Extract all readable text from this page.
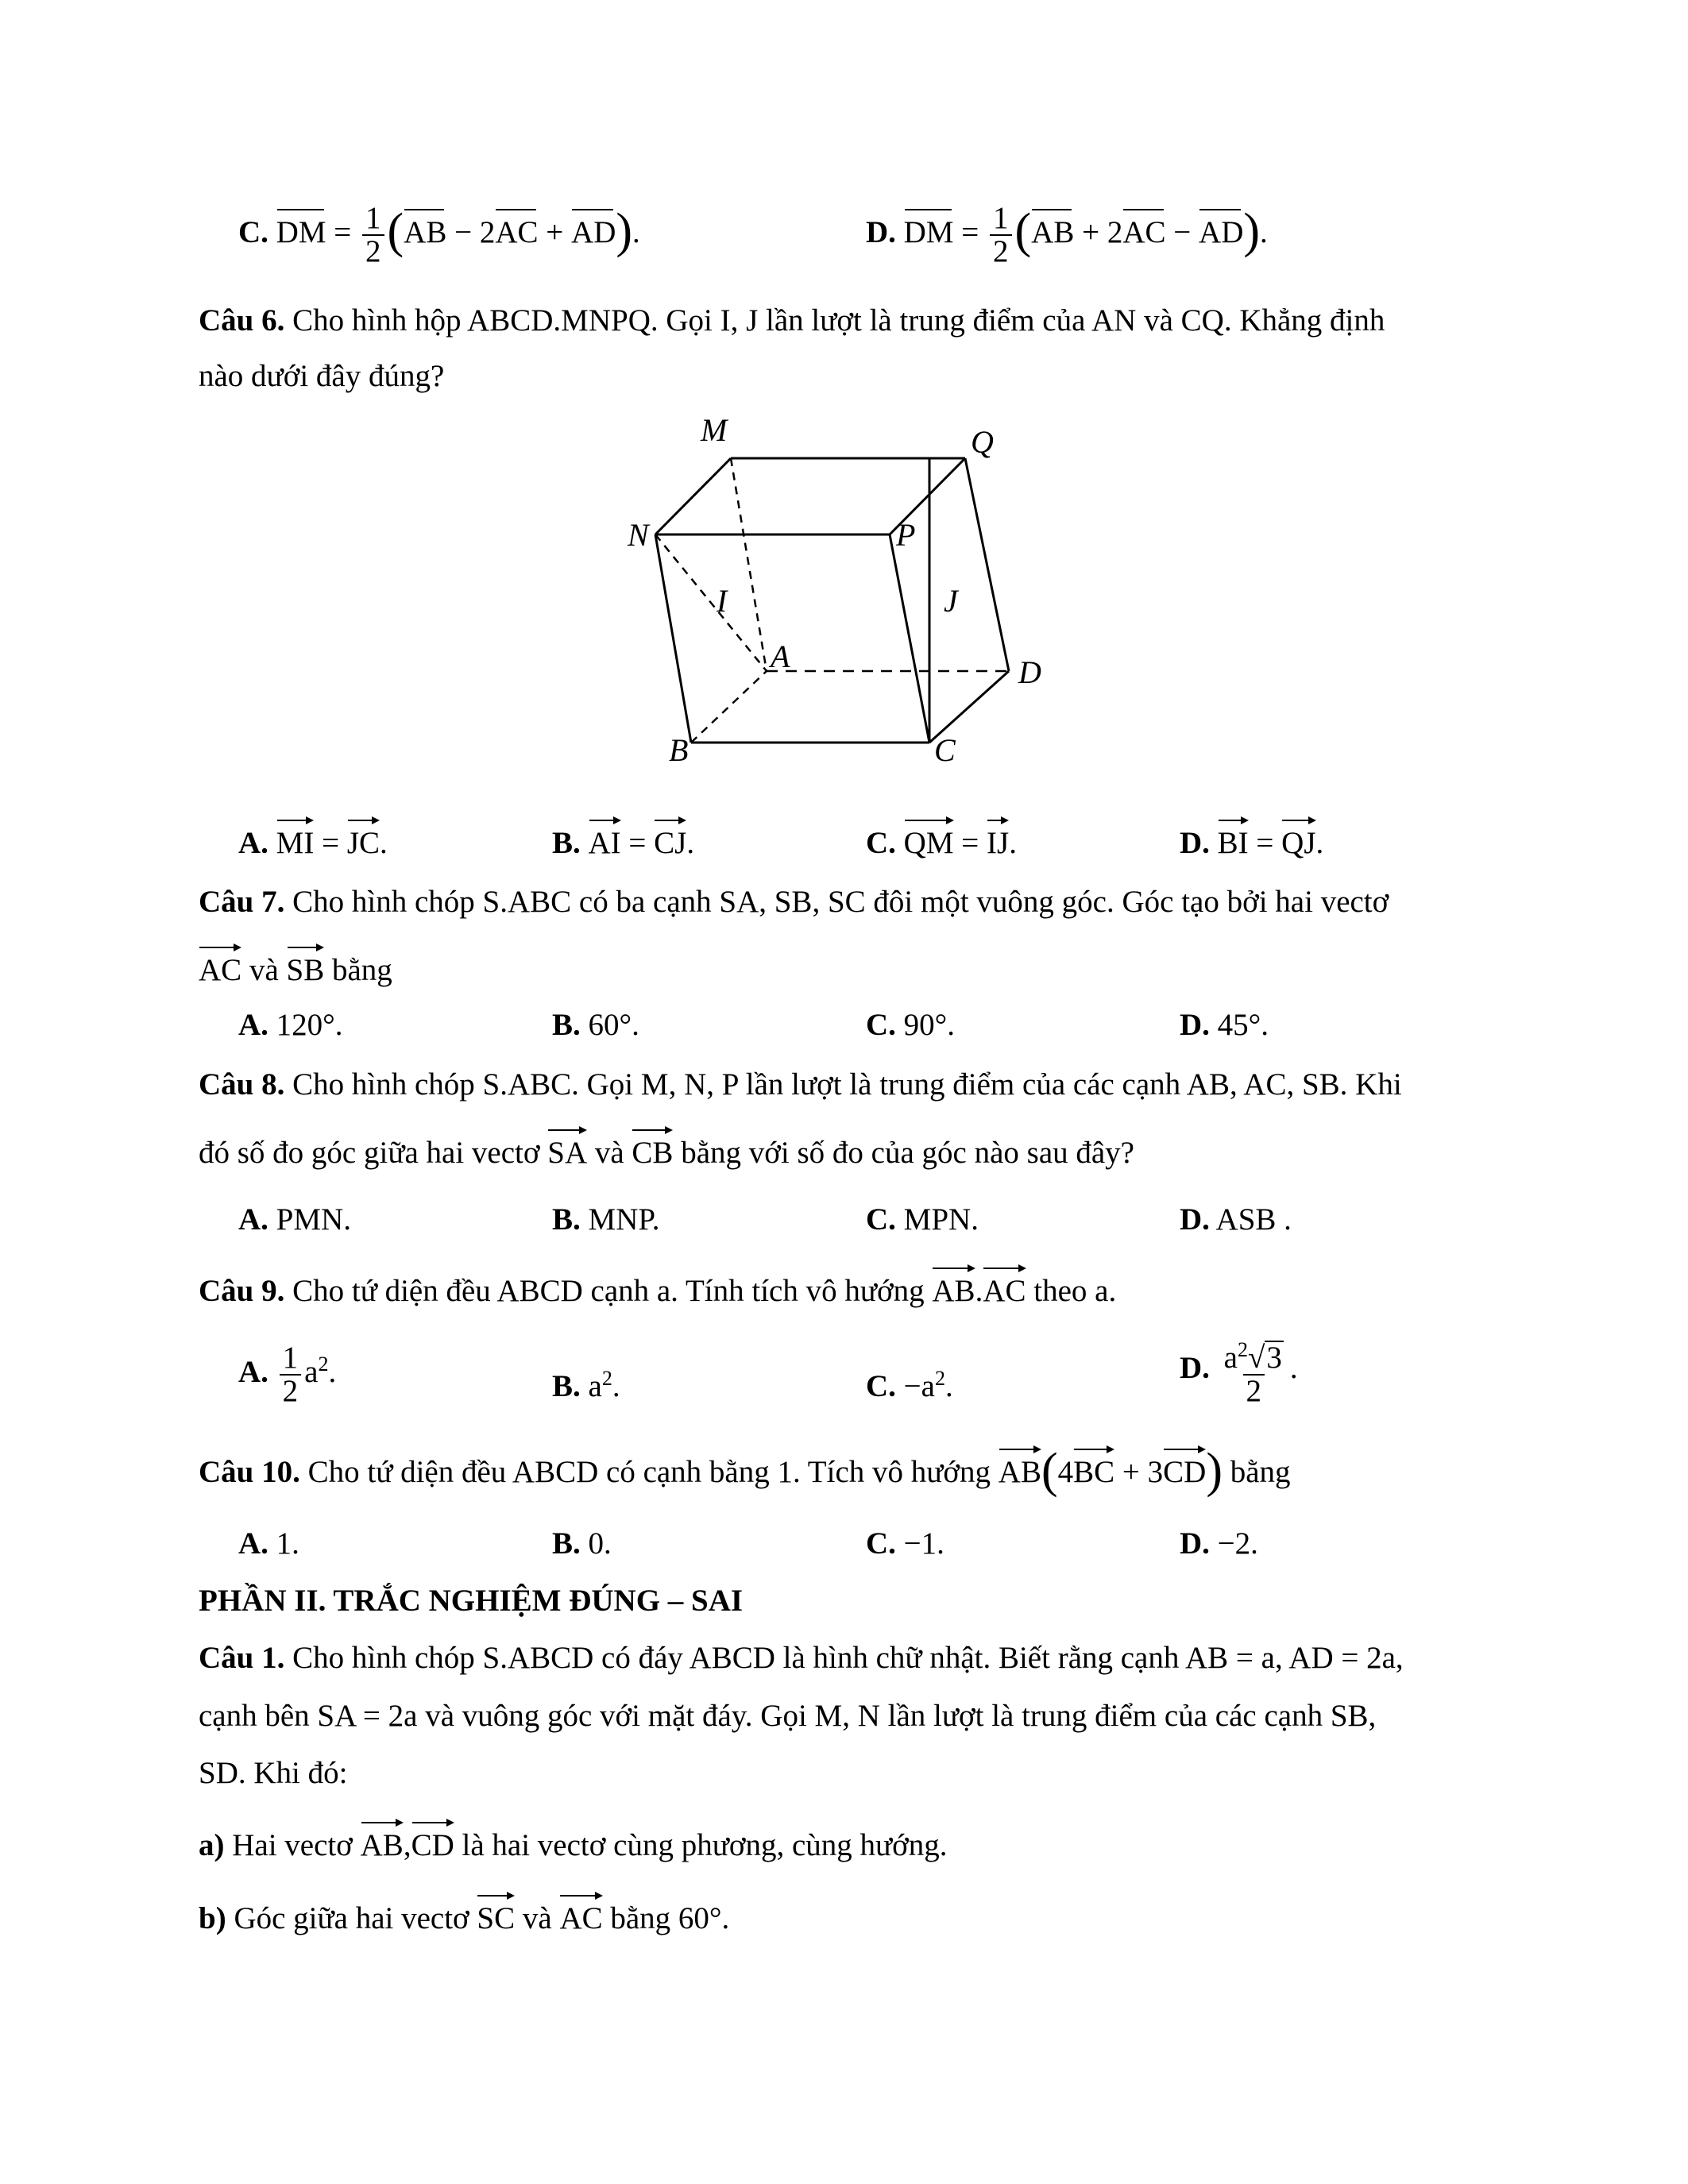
C. DM = $\frac{1}{2} (AB - 2AC + AD)$.	D. DM = $\frac{1}{2} (AB + 2AC - AD)$.
Câu 6. Cho hình hộp ABCD.MNPQ. Gọi I, J lần lượt là trung điểm của AN và CQ. Khẳng định
nào dưới đây đúng?
M	Q
N	P
I	J
A	D
B	C
A. MI = JC.	B. AI = CJ.	C. QM = IJ.	D. BI = QJ.
Câu 7. Cho hình chóp S.ABC có ba cạnh SA, SB, SC đôi một vuông góc. Góc tạo bởi hai vectơ
AC và SB bằng
A. 120°.	B. 60°.	C. 90°.	D. 45°.
Câu 8. Cho hình chóp S.ABC. Gọi M, N, P lần lượt là trung điểm của các cạnh AB, AC, SB. Khi
đó số đo góc giữa hai vectơ SA và CB bằng với số đo của góc nào sau đây?
A. PMN.	B. MNP.	C. MPN.	D. ASB .
Câu 9. Cho tứ diện đều ABCD cạnh a. Tính tích vô hướng AB.AC theo a.
A. $\frac{1}{2} a^2$.	B. $a^2$.	C. $-a^2$.
D. $\frac{a^2√3}{2}$ .
Câu 10. Cho tứ diện đều ABCD có cạnh bằng 1. Tích vô hướng AB(4BC + 3CD) bằng
A. 1.	B. 0.	C. −1.	D. −2.
PHẦN II. TRẮC NGHIỆM ĐÚNG – SAI
Câu 1. Cho hình chóp S.ABCD có đáy ABCD là hình chữ nhật. Biết rằng cạnh AB = a, AD = 2a,
cạnh bên SA = 2a và vuông góc với mặt đáy. Gọi M, N lần lượt là trung điểm của các cạnh SB,
SD. Khi đó:
a) Hai vectơ AB,CD là hai vectơ cùng phương, cùng hướng.
b) Góc giữa hai vectơ SC và AC bằng 60°.
